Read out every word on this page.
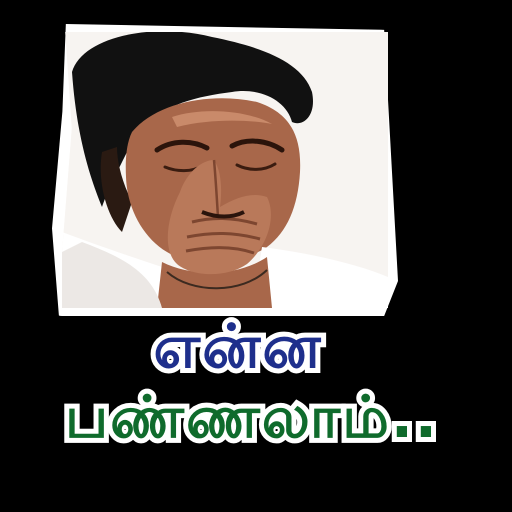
என்ன
பண்ணலாம்..
